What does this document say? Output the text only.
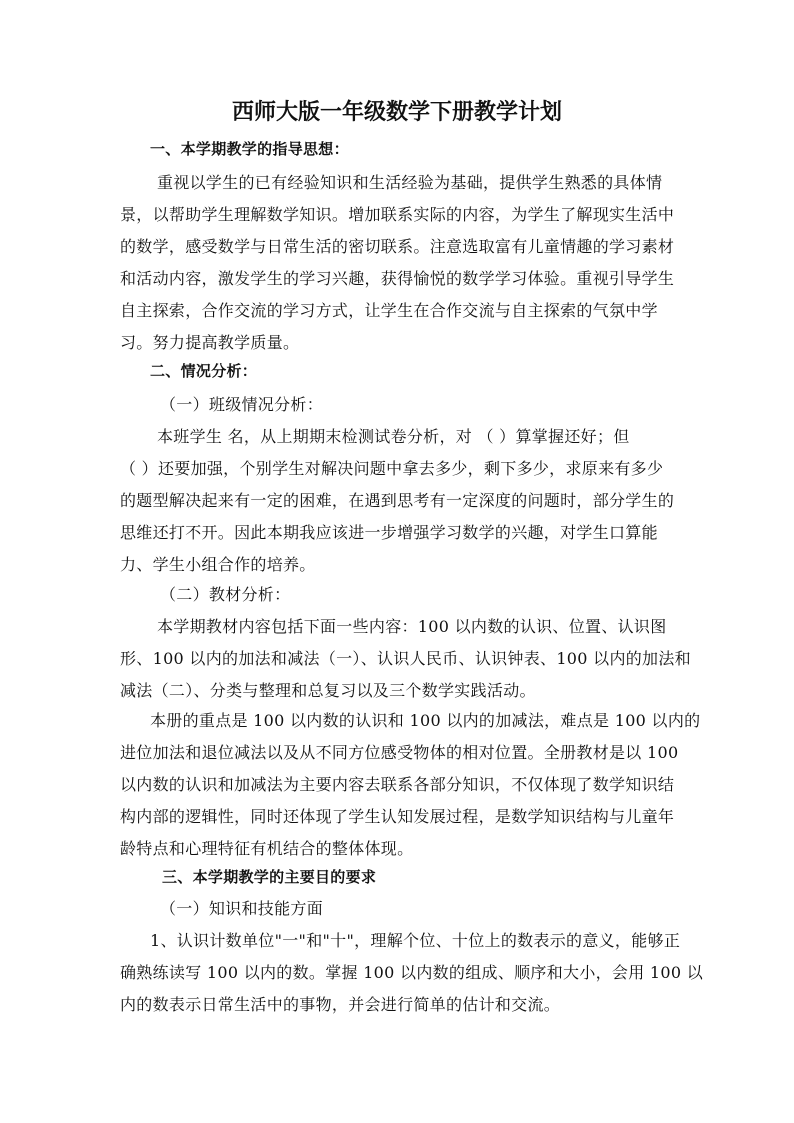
西师大版一年级数学下册教学计划
一、本学期教学的指导思想：
重视以学生的已有经验知识和生活经验为基础，提供学生熟悉的具体情
景，以帮助学生理解数学知识。增加联系实际的内容，为学生了解现实生活中
的数学，感受数学与日常生活的密切联系。注意选取富有儿童情趣的学习素材
和活动内容，激发学生的学习兴趣，获得愉悦的数学学习体验。重视引导学生
自主探索，合作交流的学习方式，让学生在合作交流与自主探索的气氛中学
习。努力提高教学质量。
二、情况分析：
（一）班级情况分析：
本班学生 名，从上期期末检测试卷分析，对 （ ）算掌握还好；但
（ ）还要加强，个别学生对解决问题中拿去多少，剩下多少，求原来有多少
的题型解决起来有一定的困难，在遇到思考有一定深度的问题时，部分学生的
思维还打不开。因此本期我应该进一步增强学习数学的兴趣，对学生口算能
力、学生小组合作的培养。
（二）教材分析：
本学期教材内容包括下面一些内容：100 以内数的认识、位置、认识图
形、100 以内的加法和减法（一）、认识人民币、认识钟表、100 以内的加法和
减法（二）、分类与整理和总复习以及三个数学实践活动。
本册的重点是 100 以内数的认识和 100 以内的加减法，难点是 100 以内的
进位加法和退位减法以及从不同方位感受物体的相对位置。全册教材是以 100
以内数的认识和加减法为主要内容去联系各部分知识，不仅体现了数学知识结
构内部的逻辑性，同时还体现了学生认知发展过程，是数学知识结构与儿童年
龄特点和心理特征有机结合的整体体现。
三、本学期教学的主要目的要求
（一）知识和技能方面
1、认识计数单位"一"和"十"，理解个位、十位上的数表示的意义，能够正
确熟练读写 100 以内的数。掌握 100 以内数的组成、顺序和大小，会用 100 以
内的数表示日常生活中的事物，并会进行简单的估计和交流。
